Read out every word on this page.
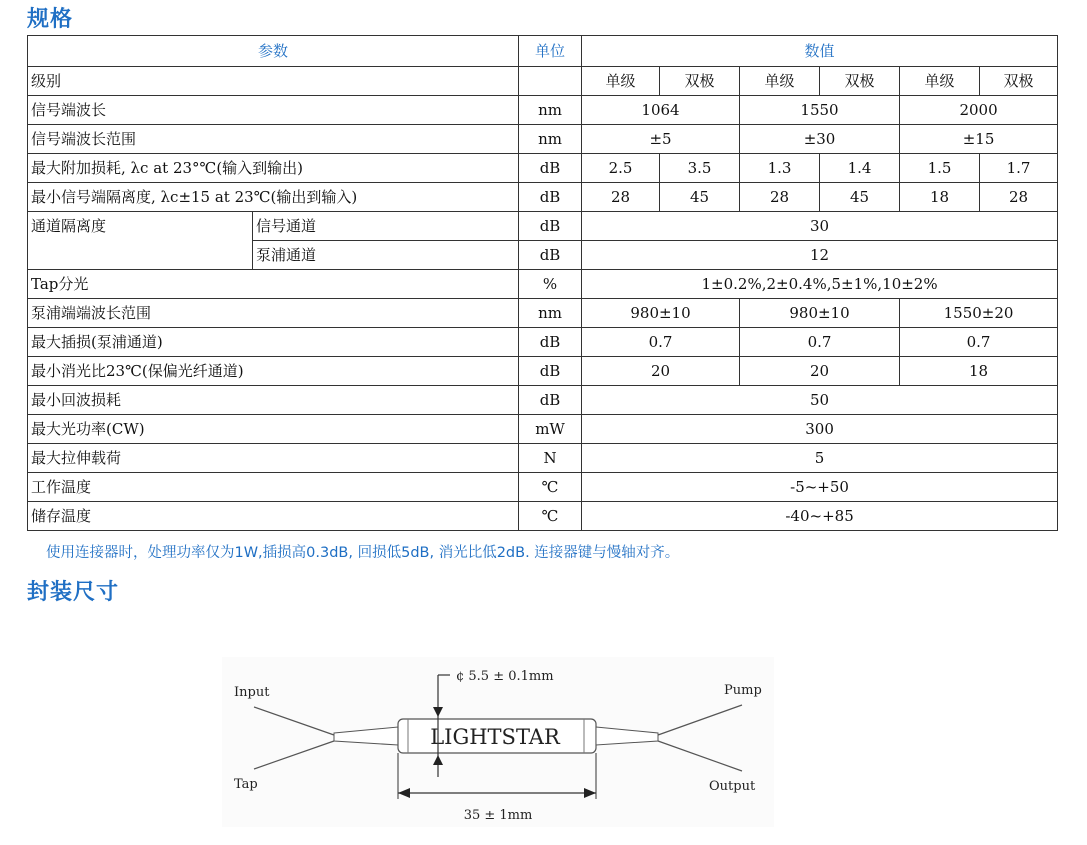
规格
参数		单位	数值					
级别			单级	双极	单级	双极	单级	双极
信号端波长		nm	1064		1550		2000	
信号端波长范围		nm	±5		±30		±15	
最大附加损耗, λc at 23°℃(输入到输出)		dB	2.5	3.5	1.3	1.4	1.5	1.7
最小信号端隔离度, λc±15 at 23℃(输出到输入)		dB	28	45	28	45	18	28
通道隔离度	信号通道	dB	30					
	泵浦通道	dB	12					
Tap分光		%	1±0.2%,2±0.4%,5±1%,10±2%					
泵浦端端波长范围		nm	980±10		980±10		1550±20	
最大插损(泵浦通道)		dB	0.7		0.7		0.7	
最小消光比23℃(保偏光纤通道)		dB	20		20		18	
最小回波损耗		dB	50					
最大光功率(CW)		mW	300					
最大拉伸载荷		N	5					
工作温度		℃	-5~+50					
储存温度		℃	-40~+85					
使用连接器时，处理功率仅为1W,插损高0.3dB, 回损低5dB, 消光比低2dB. 连接器键与慢轴对齐。
封装尺寸
LIGHTSTAR
¢ 5.5 ± 0.1mm
35 ± 1mm
Input
Tap
Pump
Output
